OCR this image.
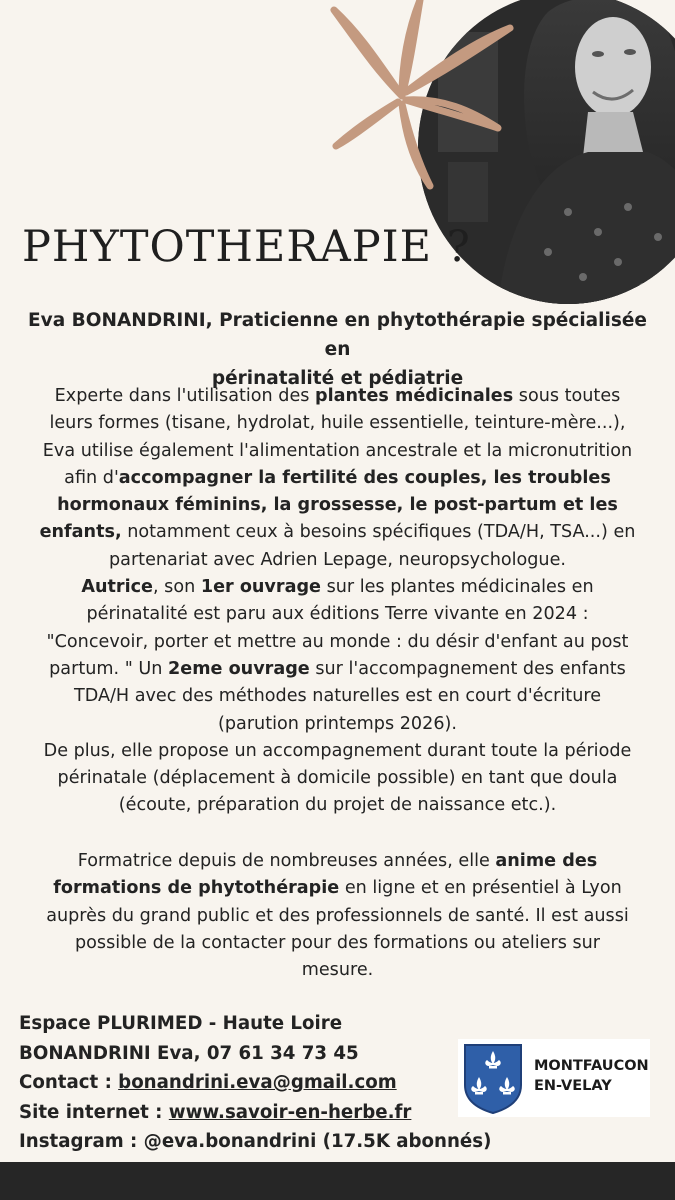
PHYTOTHERAPIE ?

Eva BONANDRINI, Praticienne en phytothérapie spécialisée en
périnatalité et pédiatrie

Experte dans l'utilisation des plantes médicinales sous toutes
leurs formes (tisane, hydrolat, huile essentielle, teinture-mère...),
Eva utilise également l'alimentation ancestrale et la micronutrition
afin d'accompagner la fertilité des couples, les troubles
hormonaux féminins, la grossesse, le post-partum et les
enfants, notamment ceux à besoins spécifiques (TDA/H, TSA...) en
partenariat avec Adrien Lepage, neuropsychologue.
Autrice, son 1er ouvrage sur les plantes médicinales en
périnatalité est paru aux éditions Terre vivante en 2024 :
"Concevoir, porter et mettre au monde : du désir d'enfant au post
partum. " Un 2eme ouvrage sur l'accompagnement des enfants
TDA/H avec des méthodes naturelles est en court d'écriture
(parution printemps 2026).
De plus, elle propose un accompagnement durant toute la période
périnatale (déplacement à domicile possible) en tant que doula
(écoute, préparation du projet de naissance etc.).

Formatrice depuis de nombreuses années, elle anime des
formations de phytothérapie en ligne et en présentiel à Lyon
auprès du grand public et des professionnels de santé. Il est aussi
possible de la contacter pour des formations ou ateliers sur
mesure.

Espace PLURIMED - Haute Loire
BONANDRINI Eva, 07 61 34 73 45
Contact : bonandrini.eva@gmail.com
Site internet : www.savoir-en-herbe.fr
Instagram : @eva.bonandrini (17.5K abonnés)
MONTFAUCON
EN-VELAY
